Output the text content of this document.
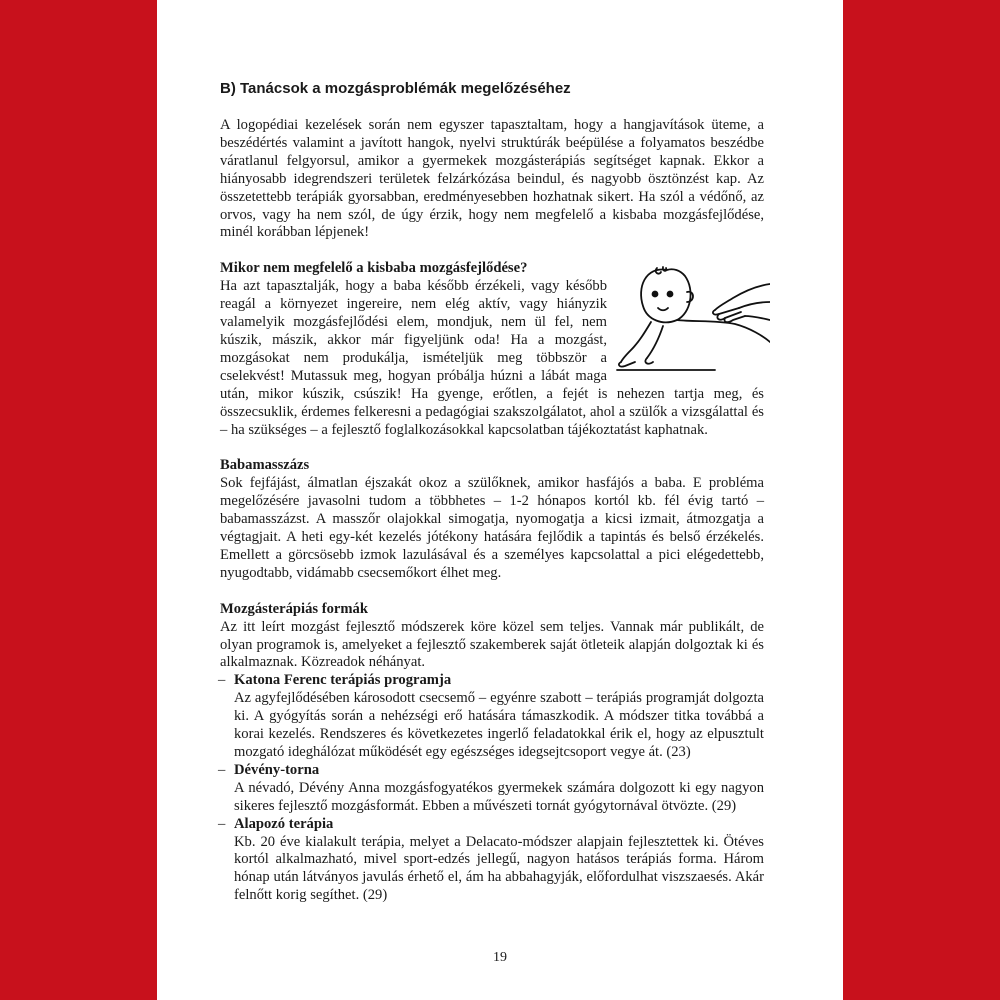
B) Tanácsok a mozgásproblémák megelőzéséhez

A logopédiai kezelések során nem egyszer tapasztaltam, hogy a hangjavítások üteme, a beszédértés valamint a javított hangok, nyelvi struktúrák beépülése a folyamatos beszédbe váratlanul felgyorsul, amikor a gyermekek mozgásterápiás segítséget kapnak. Ekkor a hiányosabb idegrendszeri területek felzárkózása beindul, és nagyobb ösztönzést kap. Az összetettebb terápiák gyorsabban, eredményesebben hozhatnak sikert. Ha szól a védőnő, az orvos, vagy ha nem szól, de úgy érzik, hogy nem megfelelő a kisbaba mozgásfejlődése, minél korábban lépjenek!

Mikor nem megfelelő a kisbaba mozgásfejlődése?

Ha azt tapasztalják, hogy a baba később érzékeli, vagy később reagál a környezet ingereire, nem elég aktív, vagy hiányzik valamelyik mozgásfejlődési elem, mondjuk, nem ül fel, nem kúszik, mászik, akkor már figyeljünk oda! Ha a mozgást, mozgásokat nem produkálja, ismételjük meg többször a cselekvést! Mutassuk meg, hogyan próbálja húzni a lábát maga után, mikor kúszik, csúszik! Ha gyenge, erőtlen, a fejét is nehezen tartja meg, és összecsuklik, érdemes felkeresni a pedagógiai szakszolgálatot, ahol a szülők a vizsgálattal és – ha szükséges – a fejlesztő foglalkozásokkal kapcsolatban tájékoztatást kaphatnak.

Babamasszázs

Sok fejfájást, álmatlan éjszakát okoz a szülőknek, amikor hasfájós a baba. E probléma megelőzésére javasolni tudom a többhetes – 1-2 hónapos kortól kb. fél évig tartó – babamasszázst. A masszőr olajokkal simogatja, nyomogatja a kicsi izmait, átmozgatja a végtagjait. A heti egy-két kezelés jótékony hatására fejlődik a tapintás és belső érzékelés. Emellett a görcsösebb izmok lazulásával és a személyes kapcsolattal a pici elégedettebb, nyugodtabb, vidámabb csecsemőkort élhet meg.

Mozgásterápiás formák

Az itt leírt mozgást fejlesztő módszerek köre közel sem teljes. Vannak már publikált, de olyan programok is, amelyeket a fejlesztő szakemberek saját ötleteik alapján dolgoztak ki és alkalmaznak. Közreadok néhányat.

– Katona Ferenc terápiás programja

Az agyfejlődésében károsodott csecsemő – egyénre szabott – terápiás programját dolgozta ki. A gyógyítás során a nehézségi erő hatására támaszkodik. A módszer titka továbbá a korai kezelés. Rendszeres és következetes ingerlő feladatokkal érik el, hogy az elpusztult mozgató ideghálózat működését egy egészséges idegsejtcsoport vegye át. (23)

– Dévény-torna

A névadó, Dévény Anna mozgásfogyatékos gyermekek számára dolgozott ki egy nagyon sikeres fejlesztő mozgásformát. Ebben a művészeti tornát gyógytornával ötvözte. (29)

– Alapozó terápia

Kb. 20 éve kialakult terápia, melyet a Delacato-módszer alapjain fejlesztettek ki. Ötéves kortól alkalmazható, mivel sport-edzés jellegű, nagyon hatásos terápiás forma. Három hónap után látványos javulás érhető el, ám ha abbahagyják, előfordulhat viszszaesés. Akár felnőtt korig segíthet. (29)

19
